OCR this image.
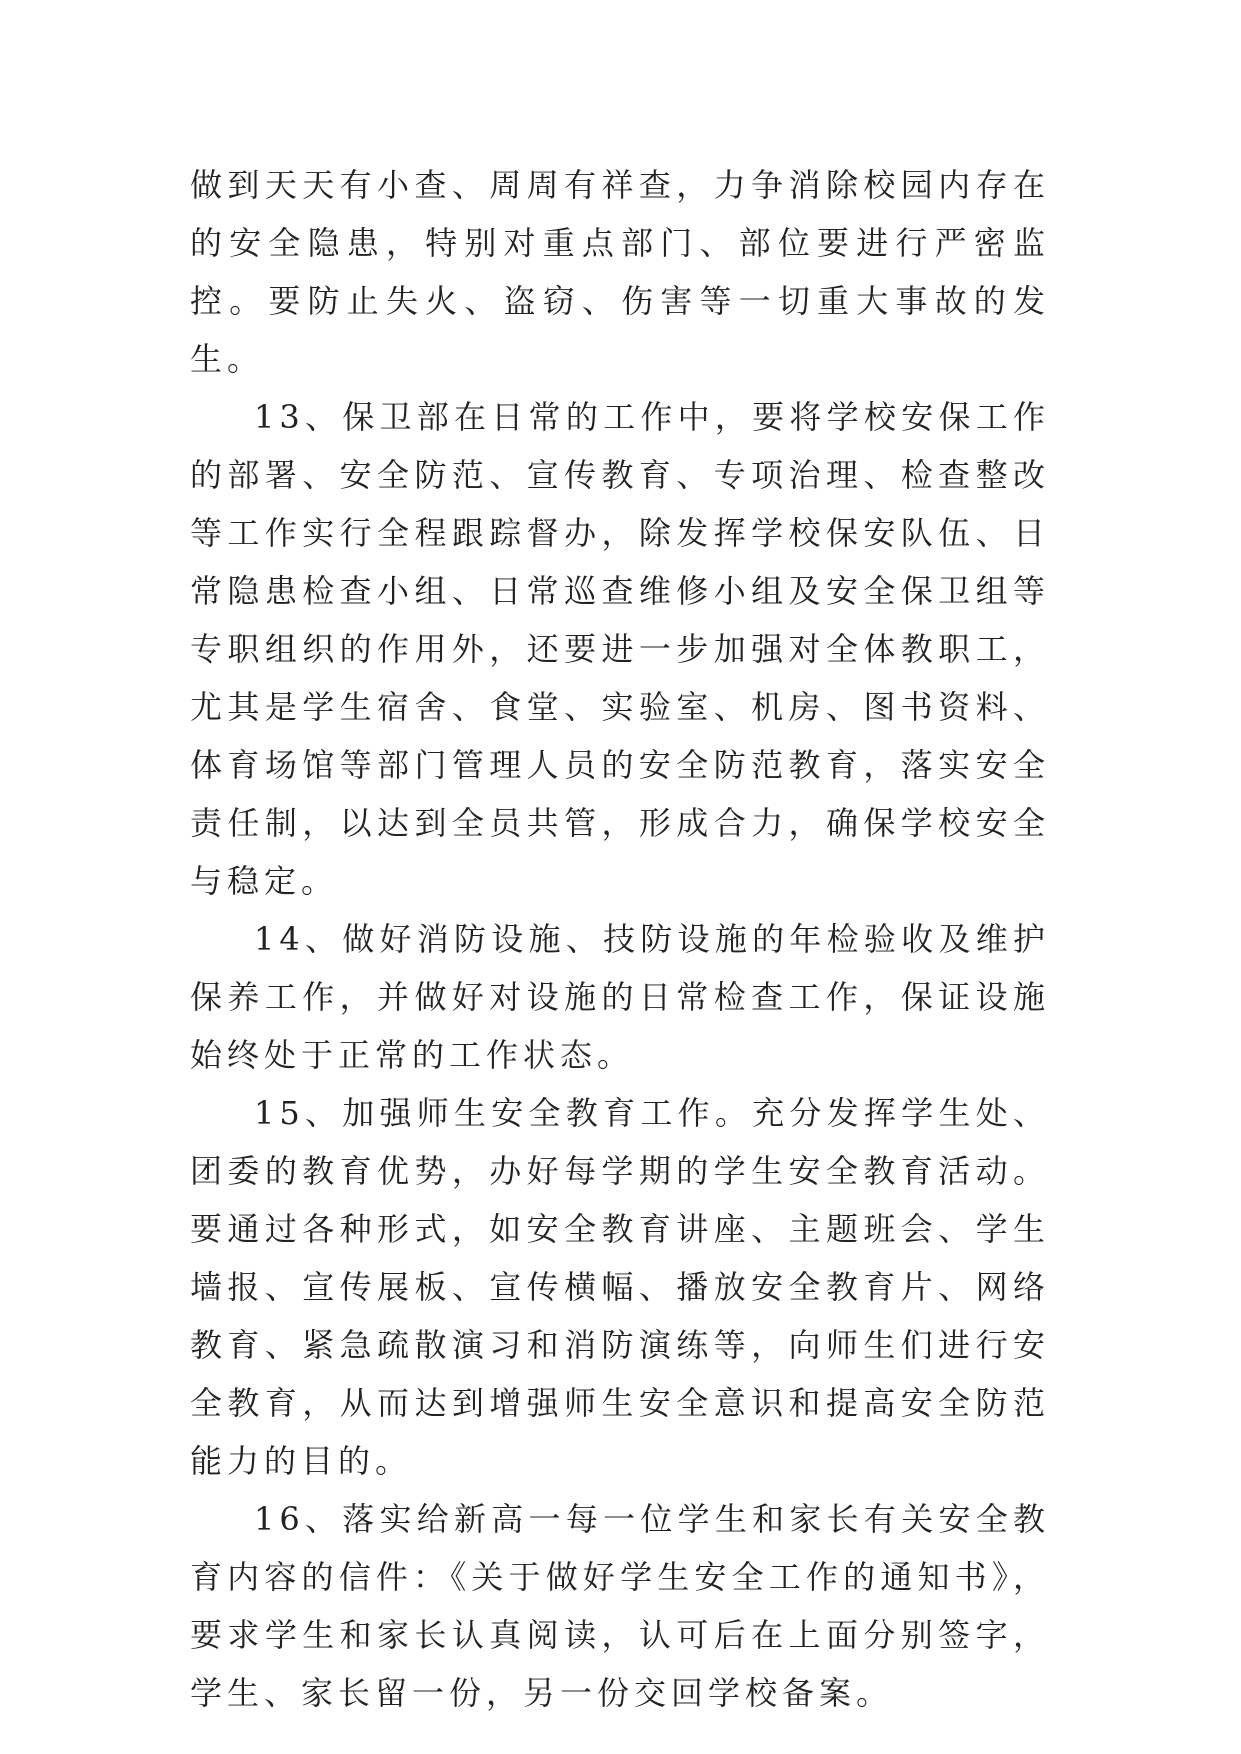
做到天天有小查、周周有祥查，力争消除校园内存在的安全隐患，特别对重点部门、部位要进行严密监控。要防止失火、盗窃、伤害等一切重大事故的发生。

13、保卫部在日常的工作中，要将学校安保工作的部署、安全防范、宣传教育、专项治理、检查整改等工作实行全程跟踪督办，除发挥学校保安队伍、日常隐患检查小组、日常巡查维修小组及安全保卫组等专职组织的作用外，还要进一步加强对全体教职工，尤其是学生宿舍、食堂、实验室、机房、图书资料、体育场馆等部门管理人员的安全防范教育，落实安全责任制，以达到全员共管，形成合力，确保学校安全与稳定。

14、做好消防设施、技防设施的年检验收及维护保养工作，并做好对设施的日常检查工作，保证设施始终处于正常的工作状态。

15、加强师生安全教育工作。充分发挥学生处、团委的教育优势，办好每学期的学生安全教育活动。要通过各种形式，如安全教育讲座、主题班会、学生墙报、宣传展板、宣传横幅、播放安全教育片、网络教育、紧急疏散演习和消防演练等，向师生们进行安全教育，从而达到增强师生安全意识和提高安全防范能力的目的。

16、落实给新高一每一位学生和家长有关安全教育内容的信件：《关于做好学生安全工作的通知书》，要求学生和家长认真阅读，认可后在上面分别签字，学生、家长留一份，另一份交回学校备案。
